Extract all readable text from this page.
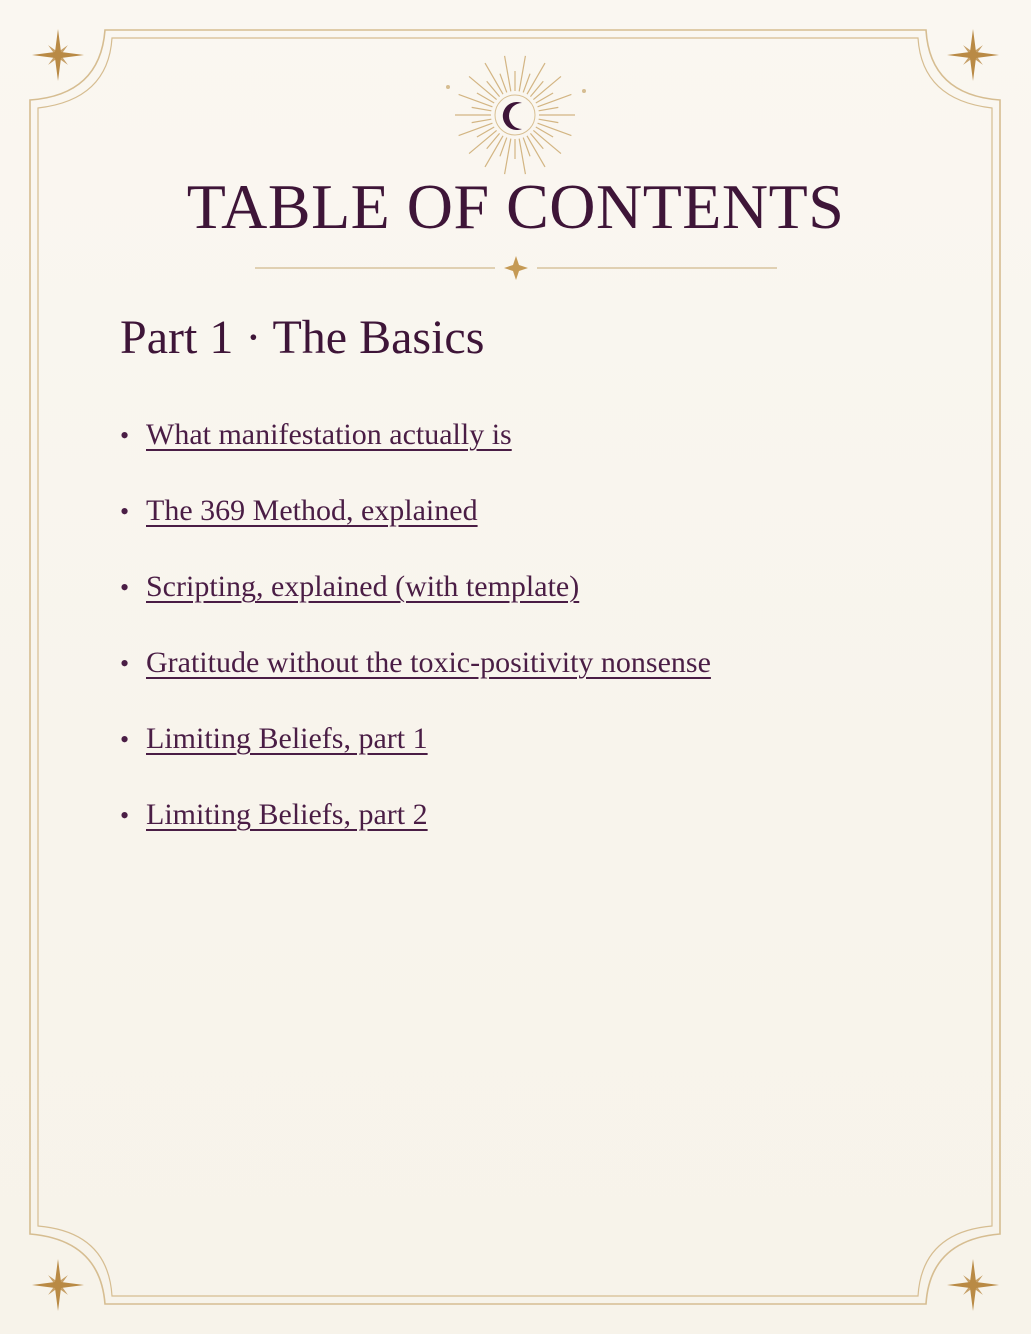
TABLE OF CONTENTS
Part 1 · The Basics
• What manifestation actually is
• The 369 Method, explained
• Scripting, explained (with template)
• Gratitude without the toxic-positivity nonsense
• Limiting Beliefs, part 1
• Limiting Beliefs, part 2
